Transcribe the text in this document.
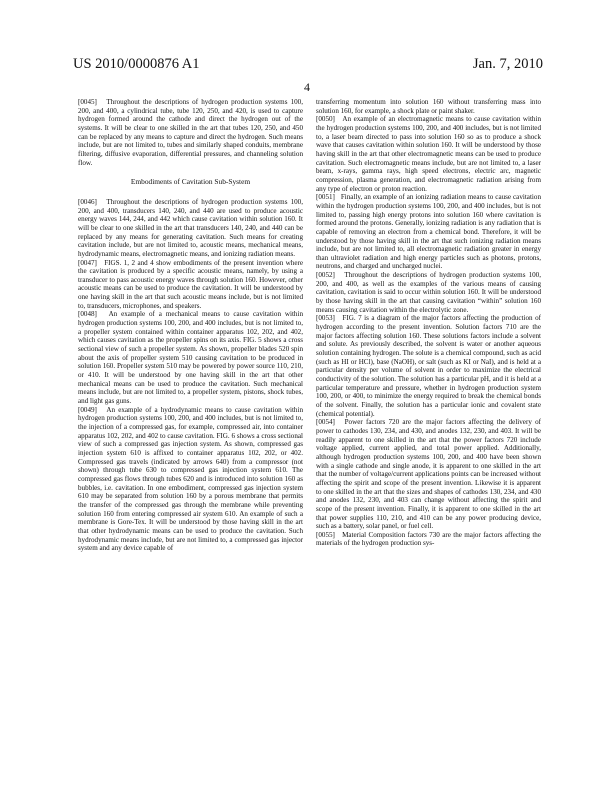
US 2010/0000876 A1	Jan. 7, 2010
4
[0045] Throughout the descriptions of hydrogen production systems 100, 200, and 400, a cylindrical tube, tube 120, 250, and 420, is used to capture hydrogen formed around the cathode and direct the hydrogen out of the systems. It will be clear to one skilled in the art that tubes 120, 250, and 450 can be replaced by any means to capture and direct the hydrogen. Such means include, but are not limited to, tubes and similarly shaped conduits, membrane filtering, diffusive evaporation, differential pressures, and channeling solution flow.
Embodiments of Cavitation Sub-System
[0046] Throughout the descriptions of hydrogen production systems 100, 200, and 400, transducers 140, 240, and 440 are used to produce acoustic energy waves 144, 244, and 442 which cause cavitation within solution 160. It will be clear to one skilled in the art that transducers 140, 240, and 440 can be replaced by any means for generating cavitation. Such means for creating cavitation include, but are not limited to, acoustic means, mechanical means, hydrodynamic means, electromagnetic means, and ionizing radiation means.
[0047] FIGS. 1, 2 and 4 show embodiments of the present invention where the cavitation is produced by a specific acoustic means, namely, by using a transducer to pass acoustic energy waves through solution 160. However, other acoustic means can be used to produce the cavitation. It will be understood by one having skill in the art that such acoustic means include, but is not limited to, transducers, microphones, and speakers.
[0048] An example of a mechanical means to cause cavitation within hydrogen production systems 100, 200, and 400 includes, but is not limited to, a propeller system contained within container apparatus 102, 202, and 402, which causes cavitation as the propeller spins on its axis. FIG. 5 shows a cross sectional view of such a propeller system. As shown, propeller blades 520 spin about the axis of propeller system 510 causing cavitation to be produced in solution 160. Propeller system 510 may be powered by power source 110, 210, or 410. It will be understood by one having skill in the art that other mechanical means can be used to produce the cavitation. Such mechanical means include, but are not limited to, a propeller system, pistons, shock tubes, and light gas guns.
[0049] An example of a hydrodynamic means to cause cavitation within hydrogen production systems 100, 200, and 400 includes, but is not limited to, the injection of a compressed gas, for example, compressed air, into container apparatus 102, 202, and 402 to cause cavitation. FIG. 6 shows a cross sectional view of such a compressed gas injection system. As shown, compressed gas injection system 610 is affixed to container apparatus 102, 202, or 402. Compressed gas travels (indicated by arrows 640) from a compressor (not shown) through tube 630 to compressed gas injection system 610. The compressed gas flows through tubes 620 and is introduced into solution 160 as bubbles, i.e. cavitation. In one embodiment, compressed gas injection system 610 may be separated from solution 160 by a porous membrane that permits the transfer of the compressed gas through the membrane while preventing solution 160 from entering compressed air system 610. An example of such a membrane is Gore-Tex. It will be understood by those having skill in the art that other hydrodynamic means can be used to produce the cavitation. Such hydrodynamic means include, but are not limited to, a compressed gas injector system and any device capable of
transferring momentum into solution 160 without transferring mass into solution 160, for example, a shock plate or paint shaker.
[0050] An example of an electromagnetic means to cause cavitation within the hydrogen production systems 100, 200, and 400 includes, but is not limited to, a laser beam directed to pass into solution 160 so as to produce a shock wave that causes cavitation within solution 160. It will be understood by those having skill in the art that other electromagnetic means can be used to produce cavitation. Such electromagnetic means include, but are not limited to, a laser beam, x-rays, gamma rays, high speed electrons, electric arc, magnetic compression, plasma generation, and electromagnetic radiation arising from any type of electron or proton reaction.
[0051] Finally, an example of an ionizing radiation means to cause cavitation within the hydrogen production systems 100, 200, and 400 includes, but is not limited to, passing high energy protons into solution 160 where cavitation is formed around the protons. Generally, ionizing radiation is any radiation that is capable of removing an electron from a chemical bond. Therefore, it will be understood by those having skill in the art that such ionizing radiation means include, but are not limited to, all electromagnetic radiation greater in energy than ultraviolet radiation and high energy particles such as photons, protons, neutrons, and charged and uncharged nuclei.
[0052] Throughout the descriptions of hydrogen production systems 100, 200, and 400, as well as the examples of the various means of causing cavitation, cavitation is said to occur within solution 160. It will be understood by those having skill in the art that causing cavitation “within” solution 160 means causing cavitation within the electrolytic zone.
[0053] FIG. 7 is a diagram of the major factors affecting the production of hydrogen according to the present invention. Solution factors 710 are the major factors affecting solution 160. These solutions factors include a solvent and solute. As previously described, the solvent is water or another aqueous solution containing hydrogen. The solute is a chemical compound, such as acid (such as HI or HCl), base (NaOH), or salt (such as KI or NaI), and is held at a particular density per volume of solvent in order to maximize the electrical conductivity of the solution. The solution has a particular pH, and it is held at a particular temperature and pressure, whether in hydrogen production system 100, 200, or 400, to minimize the energy required to break the chemical bonds of the solvent. Finally, the solution has a particular ionic and covalent state (chemical potential).
[0054] Power factors 720 are the major factors affecting the delivery of power to cathodes 130, 234, and 430, and anodes 132, 230, and 403. It will be readily apparent to one skilled in the art that the power factors 720 include voltage applied, current applied, and total power applied. Additionally, although hydrogen production systems 100, 200, and 400 have been shown with a single cathode and single anode, it is apparent to one skilled in the art that the number of voltage/current applications points can be increased without affecting the spirit and scope of the present invention. Likewise it is apparent to one skilled in the art that the sizes and shapes of cathodes 130, 234, and 430 and anodes 132, 230, and 403 can change without affecting the spirit and scope of the present invention. Finally, it is apparent to one skilled in the art that power supplies 110, 210, and 410 can be any power producing device, such as a battery, solar panel, or fuel cell.
[0055] Material Composition factors 730 are the major factors affecting the materials of the hydrogen production sys-
